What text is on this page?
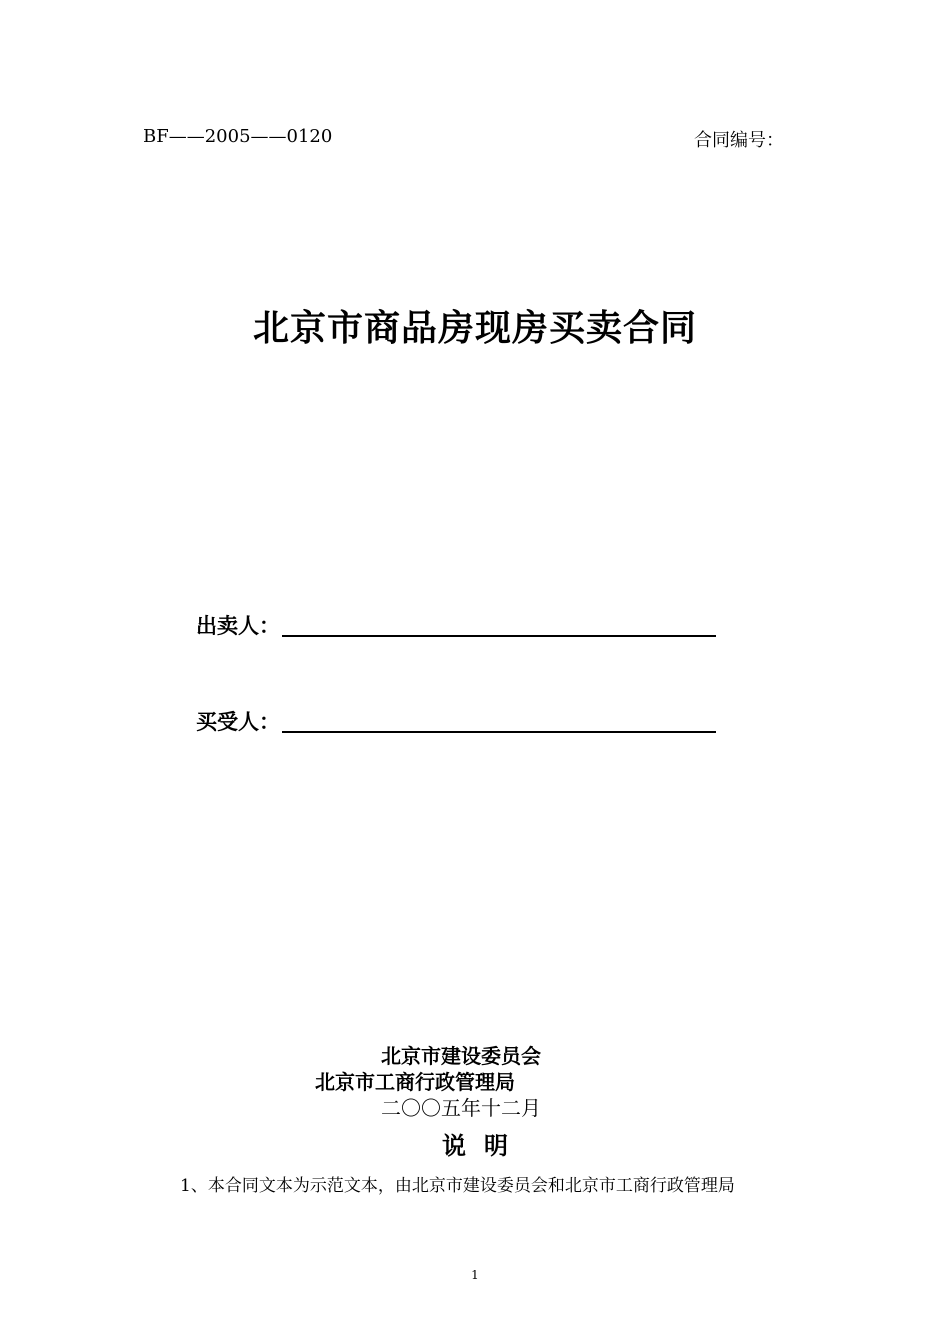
BF——2005——0120	合同编号：
北京市商品房现房买卖合同
出卖人：
买受人：
北京市建设委员会
北京市工商行政管理局
二〇〇五年十二月
说明
1、本合同文本为示范文本，由北京市建设委员会和北京市工商行政管理局
1
